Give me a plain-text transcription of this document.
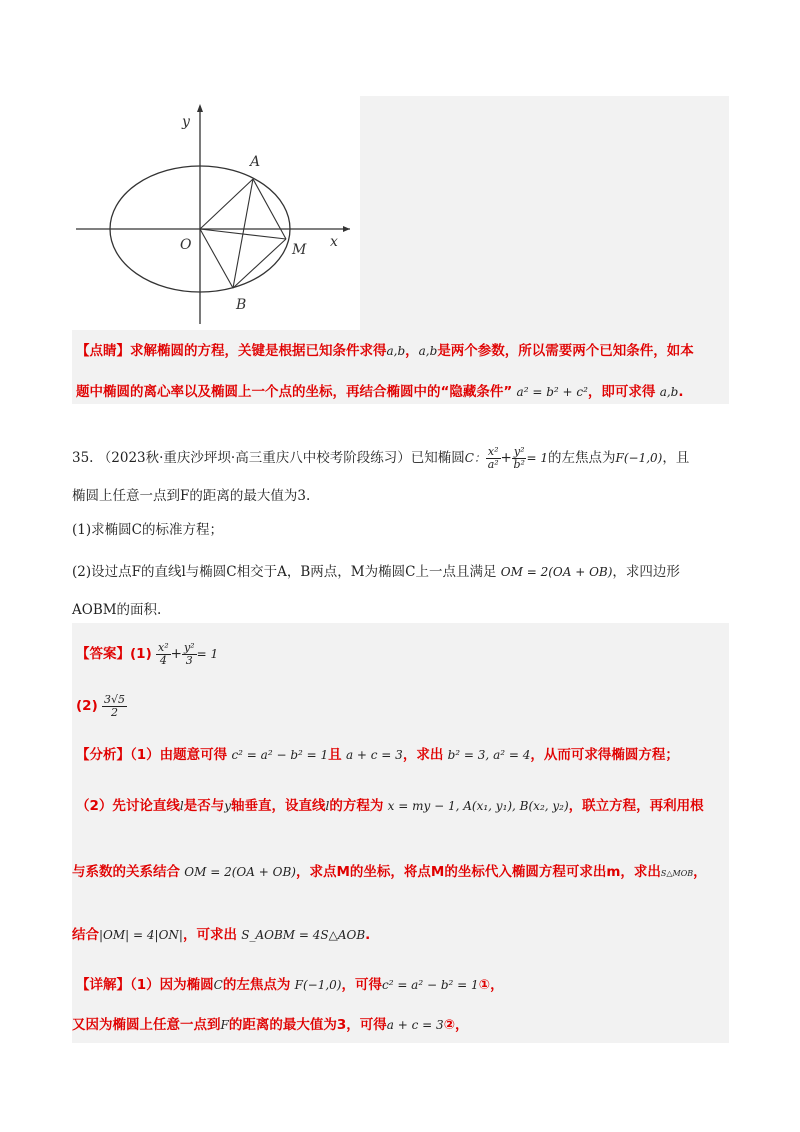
y
x
O
A
B
M
【点睛】求解椭圆的方程，关键是根据已知条件求得a,b，a,b是两个参数，所以需要两个已知条件，如本
题中椭圆的离心率以及椭圆上一个点的坐标，再结合椭圆中的“隐藏条件” a² = b² + c²，即可求得 a,b.
35. （2023秋·重庆沙坪坝·高三重庆八中校考阶段练习）已知椭圆C： $\frac{\text{x²}}{\text{a²}} + \frac{\text{y²}}{\text{b²}} = 1$的左焦点为F(−1,0)，且
椭圆上任意一点到F的距离的最大值为3.
(1)求椭圆C的标准方程；
(2)设过点F的直线l与椭圆C相交于A，B两点，M为椭圆C上一点且满足 OM = 2(OA + OB)，求四边形
AOBM的面积.
【答案】$(1) \frac{\text{x²}}{4} + \frac{\text{y²}}{3} = 1$
$(2) \frac{3√5}{2}$
【分析】（1）由题意可得 c² = a² − b² = 1且 a + c = 3，求出 b² = 3, a² = 4，从而可求得椭圆方程；
（2）先讨论直线l是否与y轴垂直，设直线l的方程为 x = my − 1, A(x₁, y₁), B(x₂, y₂)，联立方程，再利用根
与系数的关系结合 OM = 2(OA + OB)，求点M的坐标，将点M的坐标代入椭圆方程可求出m，求出S△MOB，
结合|OM| = 4|ON|，可求出 S_AOBM = 4S△AOB.
【详解】（1）因为椭圆C的左焦点为 F(−1,0)，可得c² = a² − b² = 1①，
又因为椭圆上任意一点到F的距离的最大值为3，可得a + c = 3②，
